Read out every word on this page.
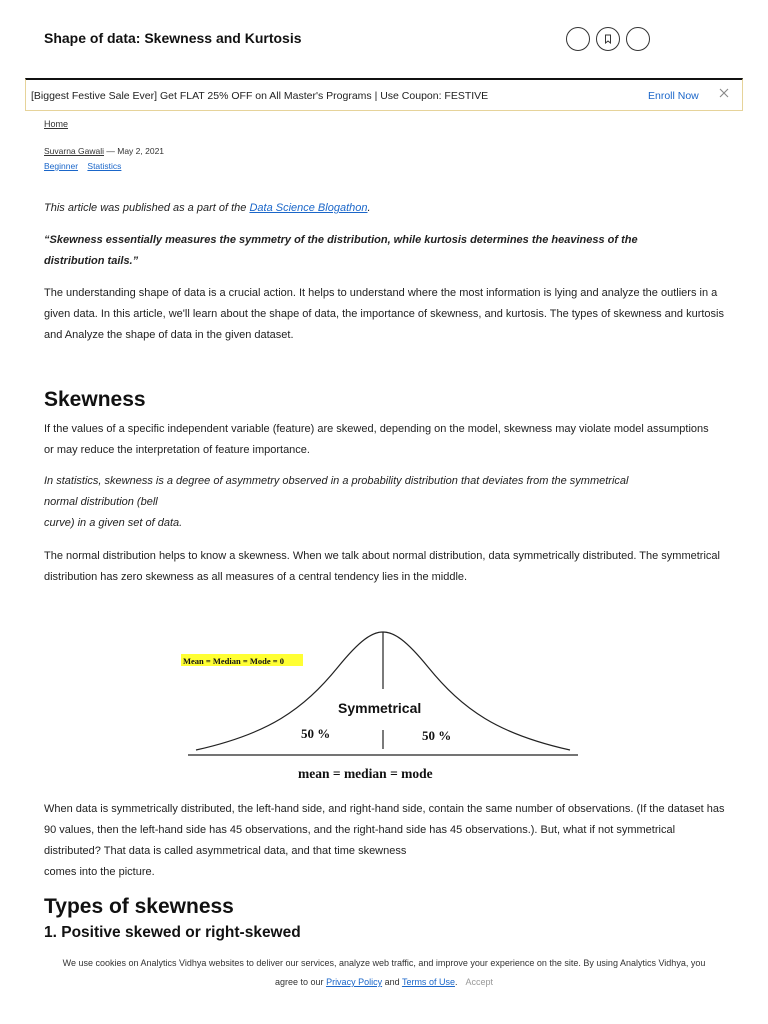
Shape of data: Skewness and Kurtosis
[Biggest Festive Sale Ever] Get FLAT 25% OFF on All Master's Programs | Use Coupon: FESTIVE	Enroll Now
Home
Suvarna Gawali — May 2, 2021
Beginner Statistics
This article was published as a part of the Data Science Blogathon.
“Skewness essentially measures the symmetry of the distribution, while kurtosis determines the heaviness of the distribution tails.”
The understanding shape of data is a crucial action. It helps to understand where the most information is lying and analyze the outliers in a given data. In this article, we'll learn about the shape of data, the importance of skewness, and kurtosis. The types of skewness and kurtosis and Analyze the shape of data in the given dataset.
Skewness
If the values of a specific independent variable (feature) are skewed, depending on the model, skewness may violate model assumptions or may reduce the interpretation of feature importance.
In statistics, skewness is a degree of asymmetry observed in a probability distribution that deviates from the symmetrical
normal distribution (bell
curve) in a given set of data.
The normal distribution helps to know a skewness. When we talk about normal distribution, data symmetrically distributed. The symmetrical distribution has zero skewness as all measures of a central tendency lies in the middle.
Mean = Median = Mode = 0
Symmetrical
50 %	50 %
mean = median = mode
When data is symmetrically distributed, the left-hand side, and right-hand side, contain the same number of observations. (If the dataset has 90 values, then the left-hand side has 45 observations, and the right-hand side has 45 observations.). But, what if not symmetrical distributed? That data is called asymmetrical data, and that time skewness
comes into the picture.
Types of skewness
1. Positive skewed or right-skewed
We use cookies on Analytics Vidhya websites to deliver our services, analyze web traffic, and improve your experience on the site. By using Analytics Vidhya, you
agree to our Privacy Policy and Terms of Use. Accept
